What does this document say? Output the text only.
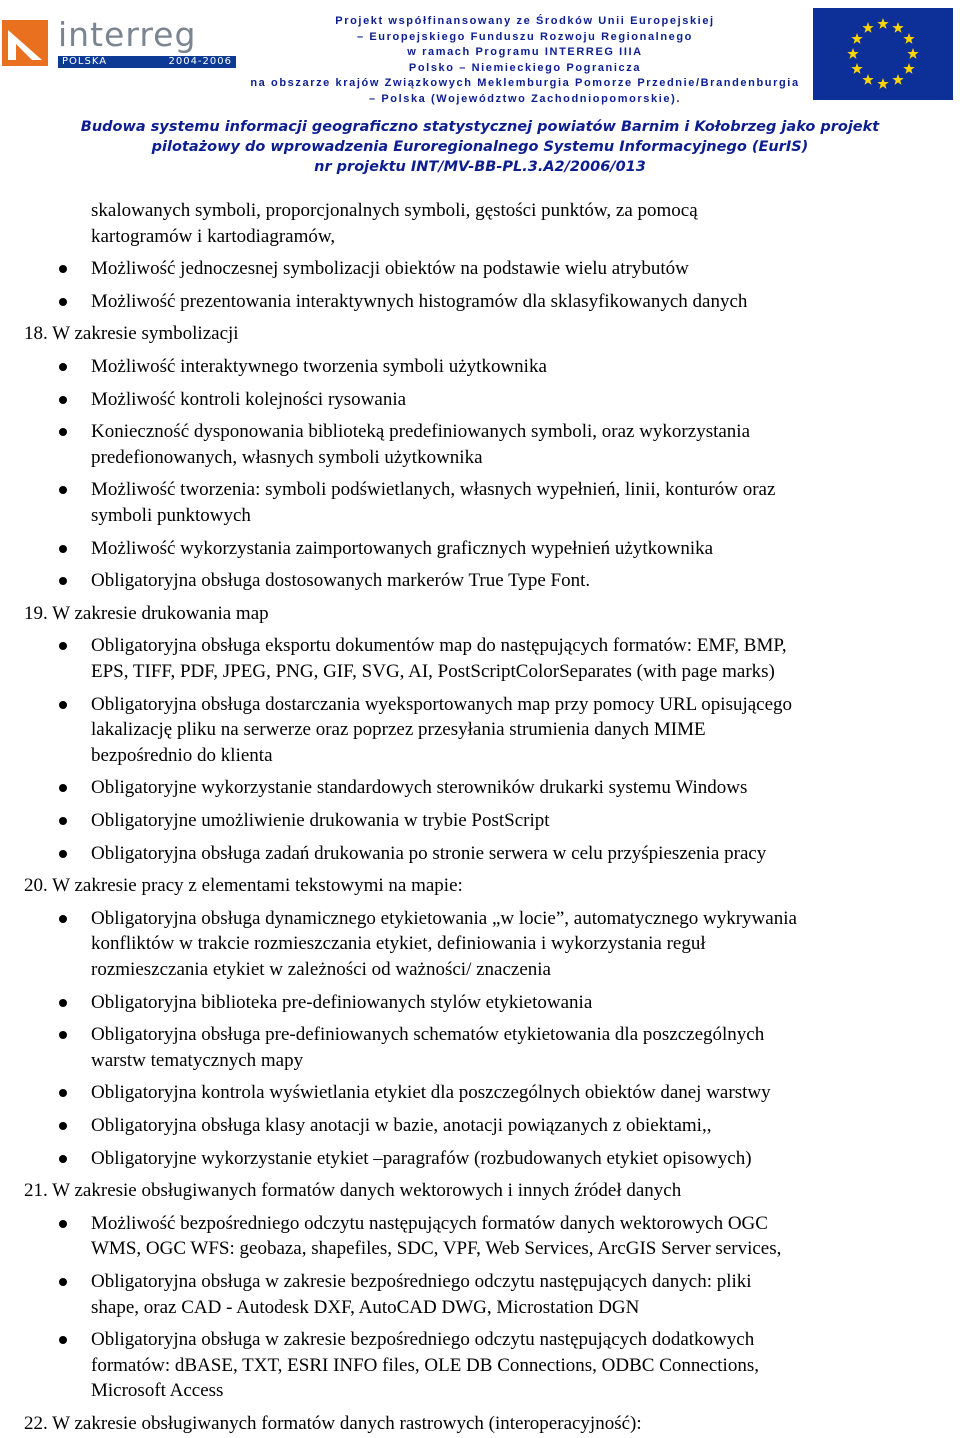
interreg
POLSKA	2004-2006
Projekt współfinansowany ze Środków Unii Europejskiej
– Europejskiego Funduszu Rozwoju Regionalnego
w ramach Programu INTERREG IIIA
Polsko – Niemieckiego Pogranicza
na obszarze krajów Związkowych Meklemburgia Pomorze Przednie/Brandenburgia
– Polska (Województwo Zachodniopomorskie).
Budowa systemu informacji geograficzno statystycznej powiatów Barnim i Kołobrzeg jako projekt
pilotażowy do wprowadzenia Euroregionalnego Systemu Informacyjnego (EurIS)
nr projektu INT/MV-BB-PL.3.A2/2006/013
skalowanych symboli, proporcjonalnych symboli, gęstości punktów, za pomocą
kartogramów i kartodiagramów,
Możliwość jednoczesnej symbolizacji obiektów na podstawie wielu atrybutów
Możliwość prezentowania interaktywnych histogramów dla sklasyfikowanych danych
18. W zakresie symbolizacji
Możliwość interaktywnego tworzenia symboli użytkownika
Możliwość kontroli kolejności rysowania
Konieczność dysponowania biblioteką predefiniowanych symboli, oraz wykorzystania
predefionowanych, własnych symboli użytkownika
Możliwość tworzenia: symboli podświetlanych, własnych wypełnień, linii, konturów oraz
symboli punktowych
Możliwość wykorzystania zaimportowanych graficznych wypełnień użytkownika
Obligatoryjna obsługa dostosowanych markerów True Type Font.
19. W zakresie drukowania map
Obligatoryjna obsługa eksportu dokumentów map do następujących formatów: EMF, BMP,
EPS, TIFF, PDF, JPEG, PNG, GIF, SVG, AI, PostScriptColorSeparates (with page marks)
Obligatoryjna obsługa dostarczania wyeksportowanych map przy pomocy URL opisującego
lakalizację pliku na serwerze oraz poprzez przesyłania strumienia danych MIME
bezpośrednio do klienta
Obligatoryjne wykorzystanie standardowych sterowników drukarki systemu Windows
Obligatoryjne umożliwienie drukowania w trybie PostScript
Obligatoryjna obsługa zadań drukowania po stronie serwera w celu przyśpieszenia pracy
20. W zakresie pracy z elementami tekstowymi na mapie:
Obligatoryjna obsługa dynamicznego etykietowania „w locie”, automatycznego wykrywania
konfliktów w trakcie rozmieszczania etykiet, definiowania i wykorzystania reguł
rozmieszczania etykiet w zależności od ważności/ znaczenia
Obligatoryjna biblioteka pre-definiowanych stylów etykietowania
Obligatoryjna obsługa pre-definiowanych schematów etykietowania dla poszczególnych
warstw tematycznych mapy
Obligatoryjna kontrola wyświetlania etykiet dla poszczególnych obiektów danej warstwy
Obligatoryjna obsługa klasy anotacji w bazie, anotacji powiązanych z obiektami,,
Obligatoryjne wykorzystanie etykiet –paragrafów (rozbudowanych etykiet opisowych)
21. W zakresie obsługiwanych formatów danych wektorowych i innych źródeł danych
Możliwość bezpośredniego odczytu następujących formatów danych wektorowych OGC
WMS, OGC WFS: geobaza, shapefiles, SDC, VPF, Web Services, ArcGIS Server services,
Obligatoryjna obsługa w zakresie bezpośredniego odczytu następujących danych: pliki
shape, oraz CAD - Autodesk DXF, AutoCAD DWG, Microstation DGN
Obligatoryjna obsługa w zakresie bezpośredniego odczytu następujących dodatkowych
formatów: dBASE, TXT, ESRI INFO files, OLE DB Connections, ODBC Connections,
Microsoft Access
22. W zakresie obsługiwanych formatów danych rastrowych (interoperacyjność):
